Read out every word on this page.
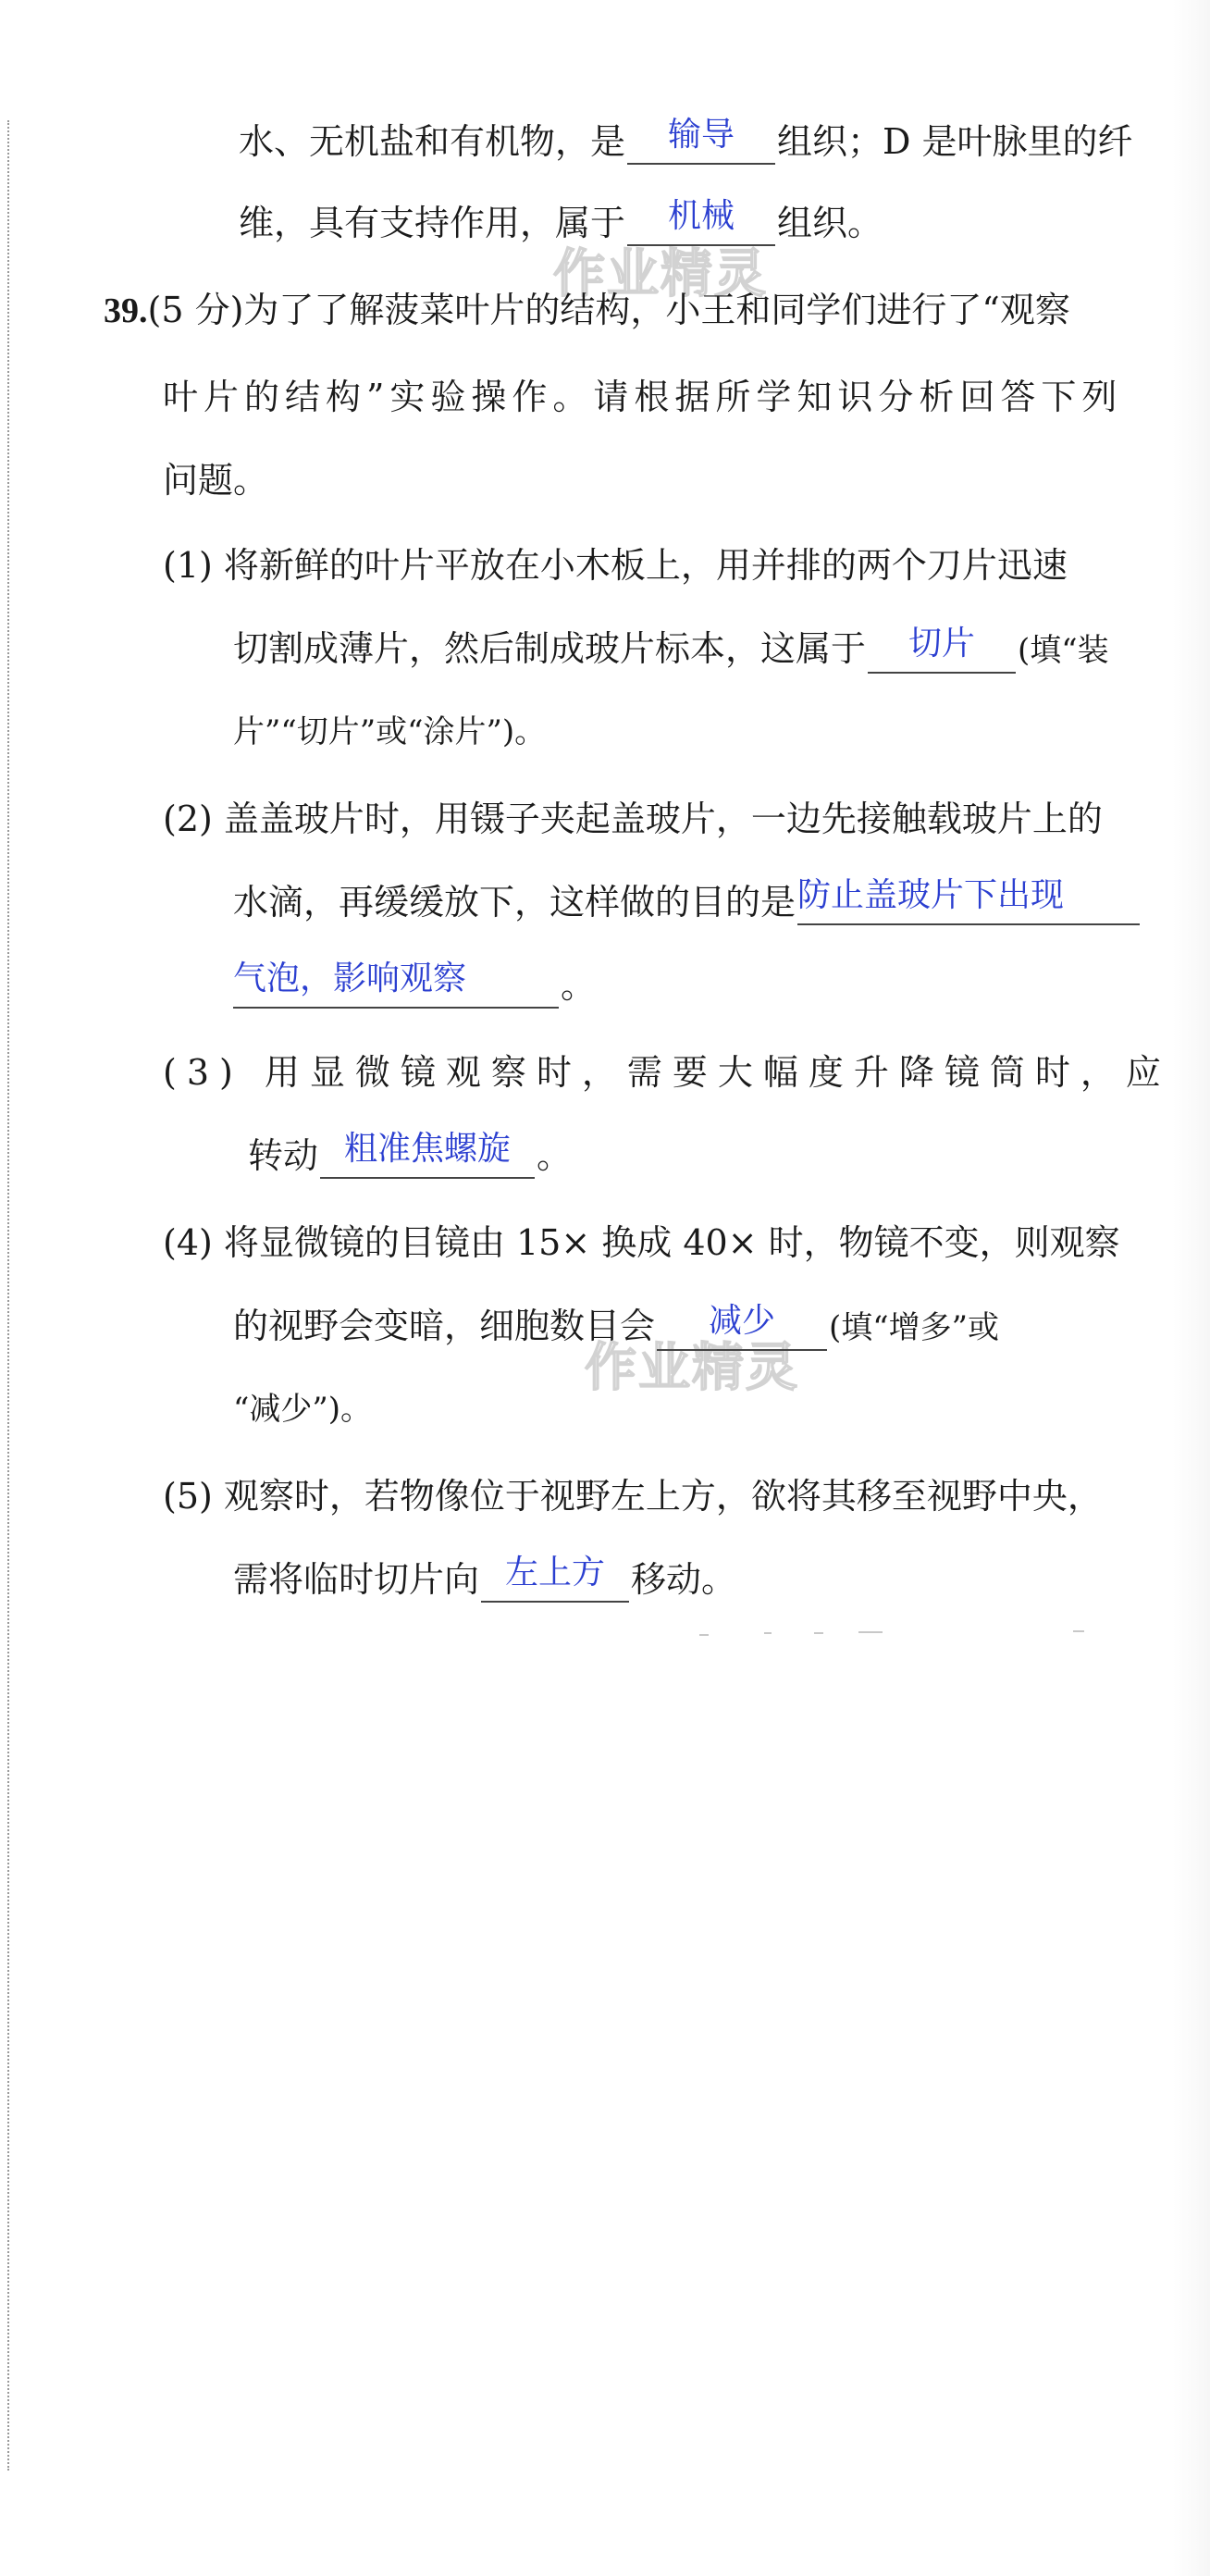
作业精灵
作业精灵
水、无机盐和有机物，是	输导	组织；D 是叶脉里的纤
维，具有支持作用，属于	机械	组织。
39.(5 分)为了了解菠菜叶片的结构，小王和同学们进行了“观察
叶片的结构”实验操作。请根据所学知识分析回答下列
问题。
(1) 将新鲜的叶片平放在小木板上，用并排的两个刀片迅速
切割成薄片，然后制成玻片标本，这属于	切片	(填“装
片”“切片”或“涂片”)。
(2) 盖盖玻片时，用镊子夹起盖玻片，一边先接触载玻片上的
水滴，再缓缓放下，这样做的目的是 防止盖玻片下出现
气泡，影响观察	。
(3) 用显微镜观察时，需要大幅度升降镜筒时，应
转动 粗准焦螺旋 。
(4) 将显微镜的目镜由 15× 换成 40× 时，物镜不变，则观察
的视野会变暗，细胞数目会	减少	(填“增多”或
“减少”)。
(5) 观察时，若物像位于视野左上方，欲将其移至视野中央，
需将临时切片向 左上方 移动。
